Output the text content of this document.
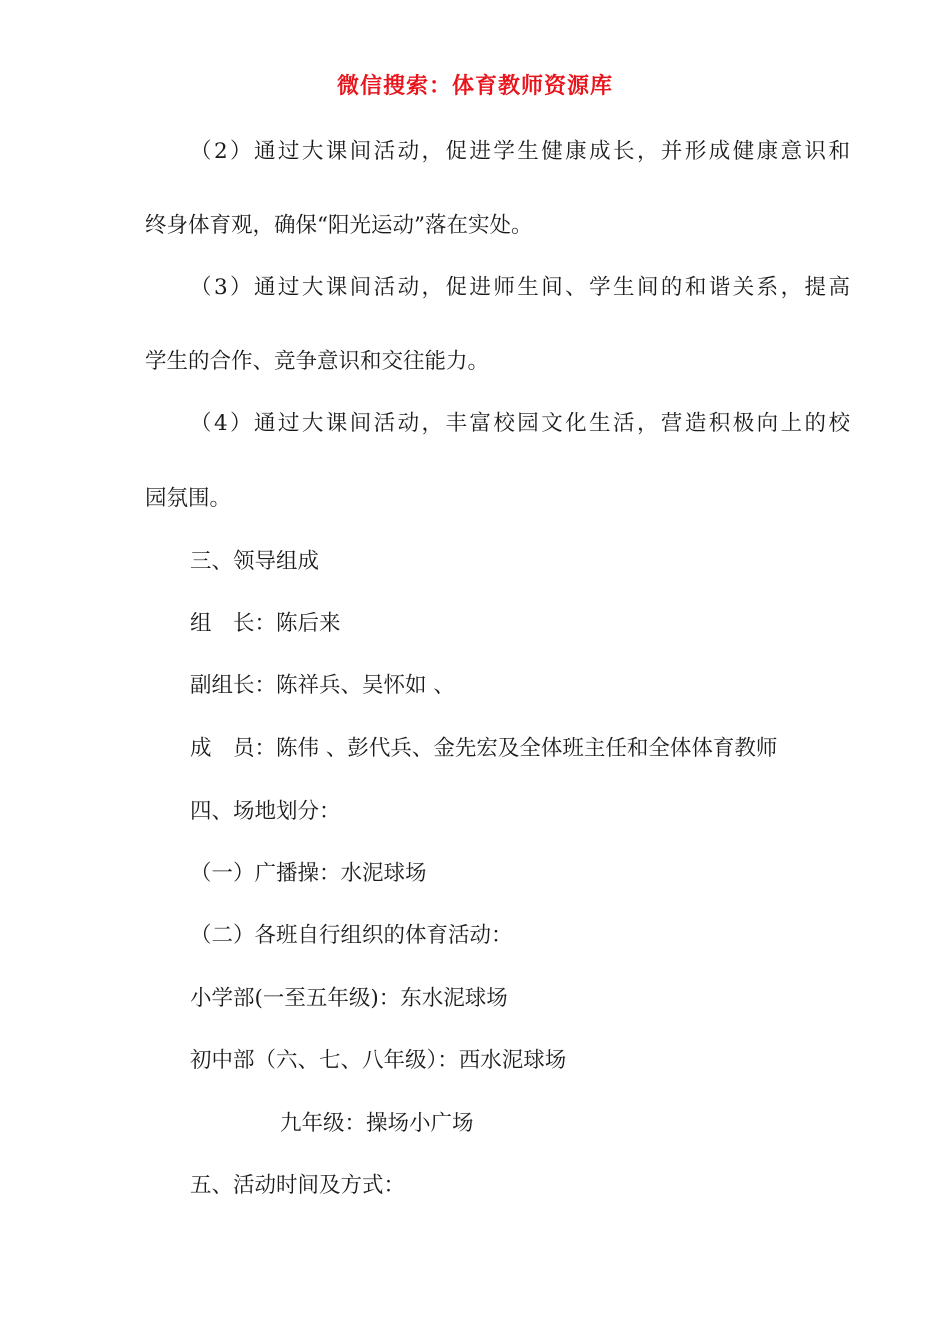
微信搜索：体育教师资源库
（2）通过大课间活动，促进学生健康成长，并形成健康意识和
终身体育观，确保“阳光运动”落在实处。
（3）通过大课间活动，促进师生间、学生间的和谐关系，提高
学生的合作、竞争意识和交往能力。
（4）通过大课间活动，丰富校园文化生活，营造积极向上的校
园氛围。
三、领导组成
组　长：陈后来
副组长：陈祥兵、吴怀如 、
成　员：陈伟 、彭代兵、金先宏及全体班主任和全体体育教师
四、场地划分：
（一）广播操：水泥球场
（二）各班自行组织的体育活动：
小学部(一至五年级)：东水泥球场
初中部（六、七、八年级）：西水泥球场
九年级：操场小广场
五、活动时间及方式：
